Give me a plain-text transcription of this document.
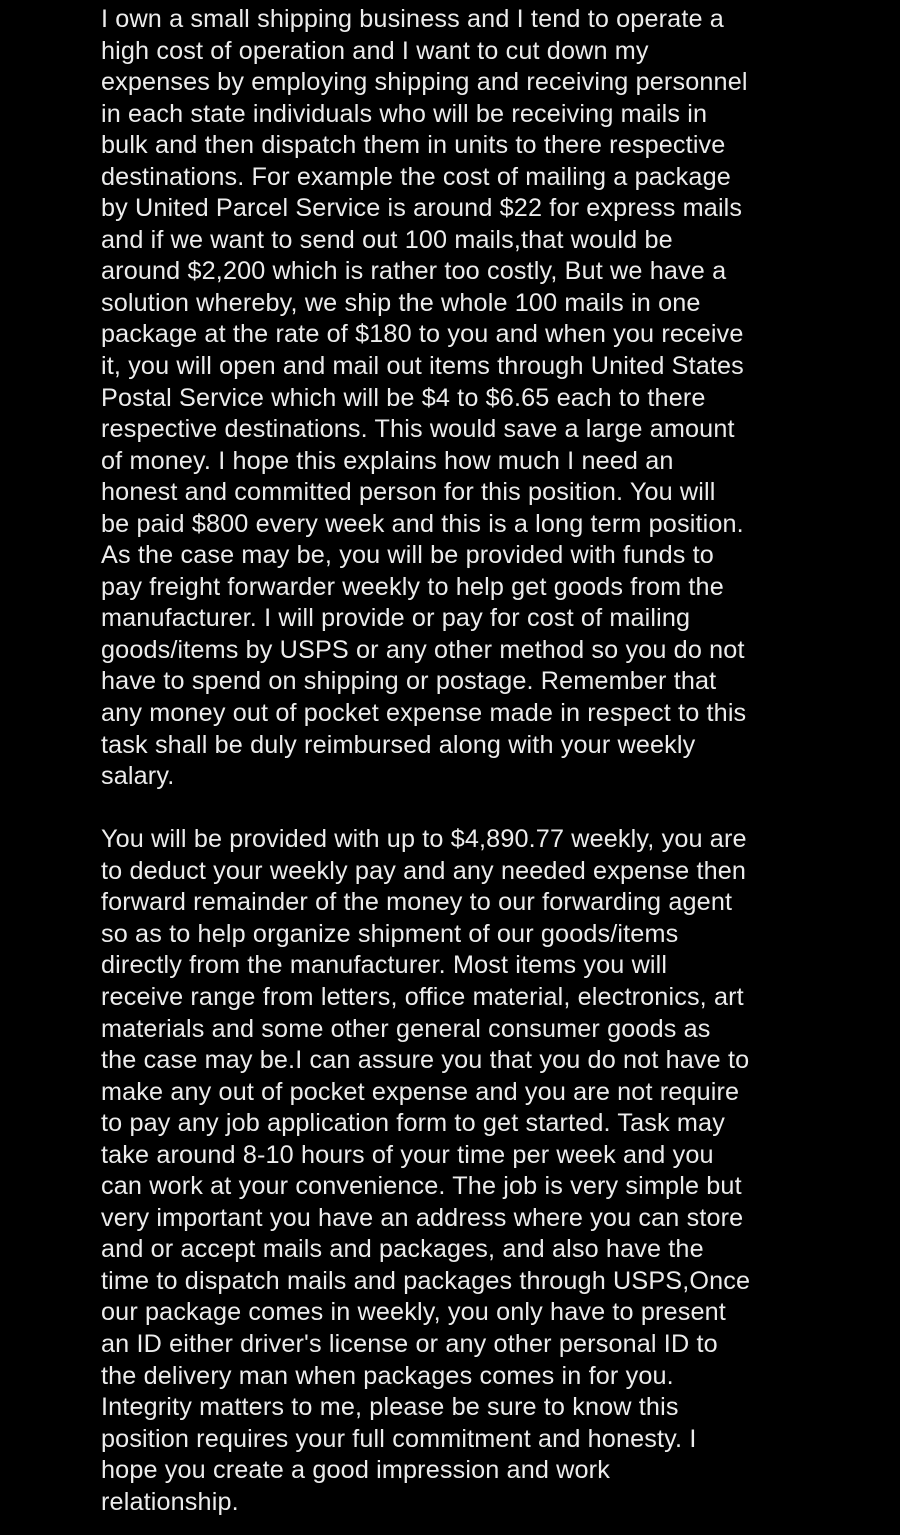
I own a small shipping business and I tend to operate a
high cost of operation and I want to cut down my
expenses by employing shipping and receiving personnel
in each state individuals who will be receiving mails in
bulk and then dispatch them in units to there respective
destinations. For example the cost of mailing a package
by United Parcel Service is around $22 for express mails
and if we want to send out 100 mails,that would be
around $2,200 which is rather too costly, But we have a
solution whereby, we ship the whole 100 mails in one
package at the rate of $180 to you and when you receive
it, you will open and mail out items through United States
Postal Service which will be $4 to $6.65 each to there
respective destinations. This would save a large amount
of money. I hope this explains how much I need an
honest and committed person for this position. You will
be paid $800 every week and this is a long term position.
As the case may be, you will be provided with funds to
pay freight forwarder weekly to help get goods from the
manufacturer. I will provide or pay for cost of mailing
goods/items by USPS or any other method so you do not
have to spend on shipping or postage. Remember that
any money out of pocket expense made in respect to this
task shall be duly reimbursed along with your weekly
salary.

You will be provided with up to $4,890.77 weekly, you are
to deduct your weekly pay and any needed expense then
forward remainder of the money to our forwarding agent
so as to help organize shipment of our goods/items
directly from the manufacturer. Most items you will
receive range from letters, office material, electronics, art
materials and some other general consumer goods as
the case may be.I can assure you that you do not have to
make any out of pocket expense and you are not require
to pay any job application form to get started. Task may
take around 8-10 hours of your time per week and you
can work at your convenience. The job is very simple but
very important you have an address where you can store
and or accept mails and packages, and also have the
time to dispatch mails and packages through USPS,Once
our package comes in weekly, you only have to present
an ID either driver's license or any other personal ID to
the delivery man when packages comes in for you.
Integrity matters to me, please be sure to know this
position requires your full commitment and honesty. I
hope you create a good impression and work
relationship.
